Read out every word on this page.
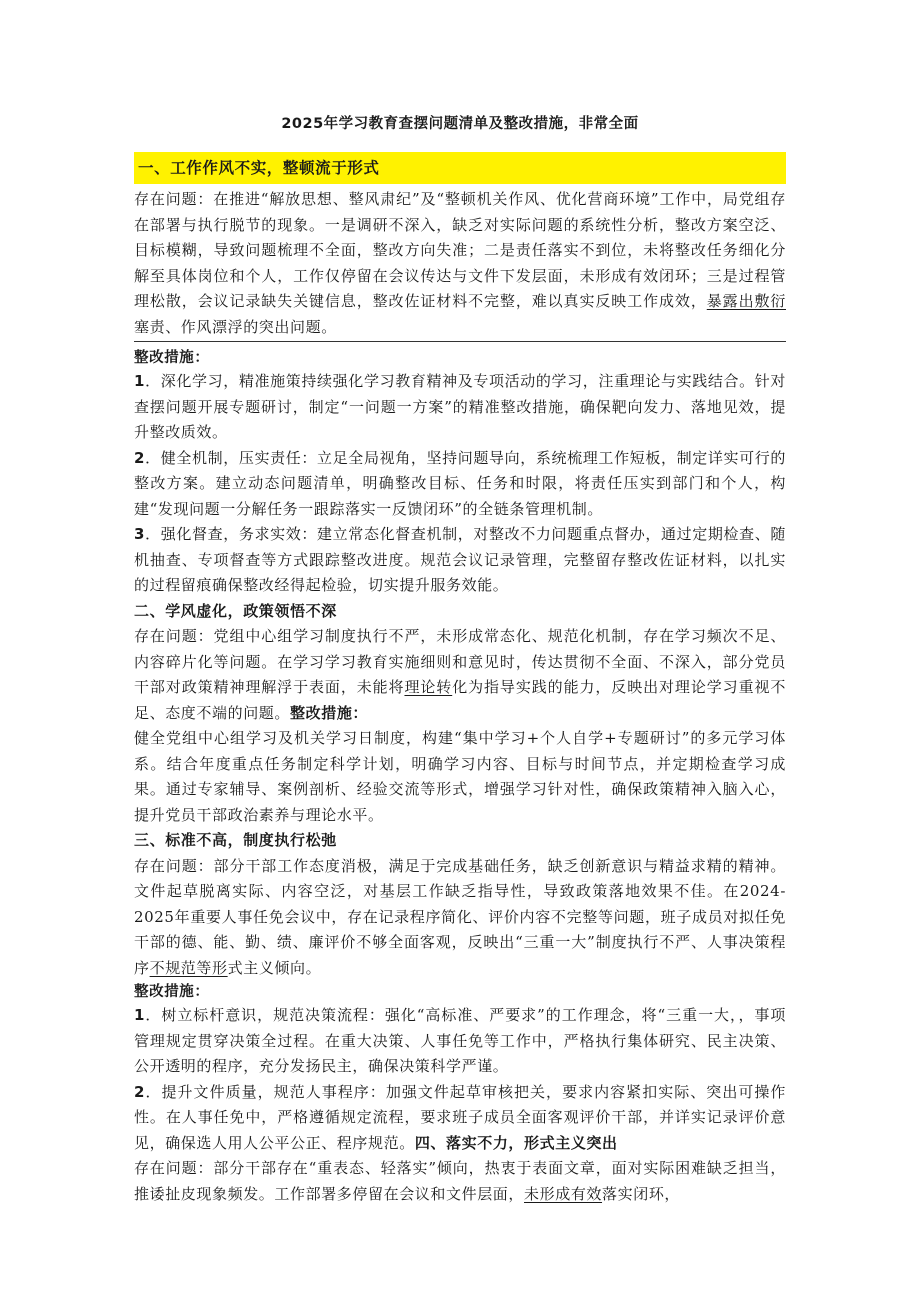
2025年学习教育查摆问题清单及整改措施，非常全面
一、工作作风不实，整顿流于形式

存在问题：在推进“解放思想、整风肃纪”及“整顿机关作风、优化营商环境”工作中，局党组存在部署与执行脱节的现象。一是调研不深入，缺乏对实际问题的系统性分析，整改方案空泛、目标模糊，导致问题梳理不全面，整改方向失准；二是责任落实不到位，未将整改任务细化分解至具体岗位和个人，工作仅停留在会议传达与文件下发层面，未形成有效闭环；三是过程管理松散，会议记录缺失关键信息，整改佐证材料不完整，难以真实反映工作成效，暴露出敷衍塞责、作风漂浮的突出问题。

整改措施：

1．深化学习，精准施策持续强化学习教育精神及专项活动的学习，注重理论与实践结合。针对查摆问题开展专题研讨，制定“一问题一方案”的精准整改措施，确保靶向发力、落地见效，提升整改质效。

2．健全机制，压实责任：立足全局视角，坚持问题导向，系统梳理工作短板，制定详实可行的整改方案。建立动态问题清单，明确整改目标、任务和时限，将责任压实到部门和个人，构建“发现问题一分解任务一跟踪落实一反馈闭环”的全链条管理机制。

3．强化督查，务求实效：建立常态化督查机制，对整改不力问题重点督办，通过定期检查、随机抽查、专项督查等方式跟踪整改进度。规范会议记录管理，完整留存整改佐证材料，以扎实的过程留痕确保整改经得起检验，切实提升服务效能。

二、学风虚化，政策领悟不深

存在问题：党组中心组学习制度执行不严，未形成常态化、规范化机制，存在学习频次不足、内容碎片化等问题。在学习学习教育实施细则和意见时，传达贯彻不全面、不深入，部分党员干部对政策精神理解浮于表面，未能将理论转化为指导实践的能力，反映出对理论学习重视不足、态度不端的问题。整改措施：

健全党组中心组学习及机关学习日制度，构建“集中学习+个人自学+专题研讨”的多元学习体系。结合年度重点任务制定科学计划，明确学习内容、目标与时间节点，并定期检查学习成果。通过专家辅导、案例剖析、经验交流等形式，增强学习针对性，确保政策精神入脑入心，提升党员干部政治素养与理论水平。

三、标准不高，制度执行松弛

存在问题：部分干部工作态度消极，满足于完成基础任务，缺乏创新意识与精益求精的精神。文件起草脱离实际、内容空泛，对基层工作缺乏指导性，导致政策落地效果不佳。在2024-2025年重要人事任免会议中，存在记录程序简化、评价内容不完整等问题，班子成员对拟任免干部的德、能、勤、绩、廉评价不够全面客观，反映出“三重一大”制度执行不严、人事决策程序不规范等形式主义倾向。

整改措施：

1．树立标杆意识，规范决策流程：强化“高标准、严要求”的工作理念，将“三重一大，，事项管理规定贯穿决策全过程。在重大决策、人事任免等工作中，严格执行集体研究、民主决策、公开透明的程序，充分发扬民主，确保决策科学严谨。

2．提升文件质量，规范人事程序：加强文件起草审核把关，要求内容紧扣实际、突出可操作性。在人事任免中，严格遵循规定流程，要求班子成员全面客观评价干部，并详实记录评价意见，确保选人用人公平公正、程序规范。四、落实不力，形式主义突出

存在问题：部分干部存在“重表态、轻落实”倾向，热衷于表面文章，面对实际困难缺乏担当，推诿扯皮现象频发。工作部署多停留在会议和文件层面，未形成有效落实闭环，
